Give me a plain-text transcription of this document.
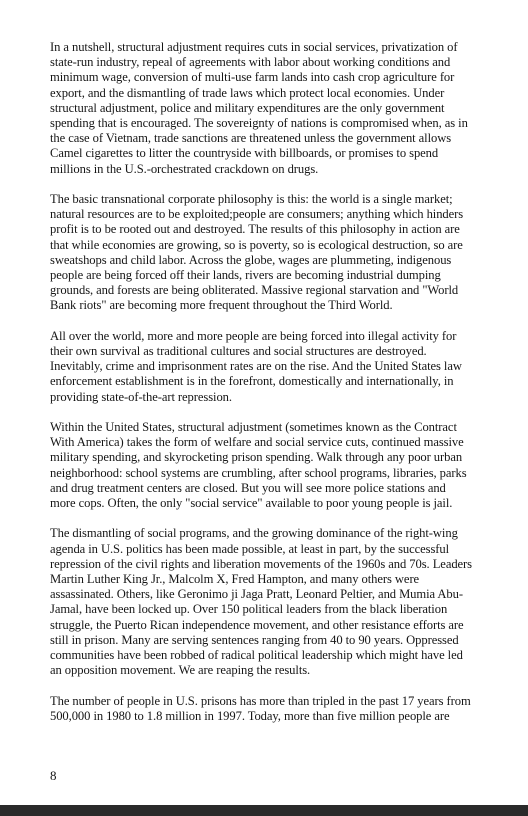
In a nutshell, structural adjustment requires cuts in social services, privatization of
state-run industry, repeal of agreements with labor about working conditions and
minimum wage, conversion of multi-use farm lands into cash crop agriculture for
export, and the dismantling of trade laws which protect local economies. Under
structural adjustment, police and military expenditures are the only government
spending that is encouraged. The sovereignty of nations is compromised when, as in
the case of Vietnam, trade sanctions are threatened unless the government allows
Camel cigarettes to litter the countryside with billboards, or promises to spend
millions in the U.S.-orchestrated crackdown on drugs.

The basic transnational corporate philosophy is this: the world is a single market;
natural resources are to be exploited;people are consumers; anything which hinders
profit is to be rooted out and destroyed. The results of this philosophy in action are
that while economies are growing, so is poverty, so is ecological destruction, so are
sweatshops and child labor. Across the globe, wages are plummeting, indigenous
people are being forced off their lands, rivers are becoming industrial dumping
grounds, and forests are being obliterated. Massive regional starvation and "World
Bank riots" are becoming more frequent throughout the Third World.

All over the world, more and more people are being forced into illegal activity for
their own survival as traditional cultures and social structures are destroyed.
Inevitably, crime and imprisonment rates are on the rise. And the United States law
enforcement establishment is in the forefront, domestically and internationally, in
providing state-of-the-art repression.

Within the United States, structural adjustment (sometimes known as the Contract
With America) takes the form of welfare and social service cuts, continued massive
military spending, and skyrocketing prison spending. Walk through any poor urban
neighborhood: school systems are crumbling, after school programs, libraries, parks
and drug treatment centers are closed. But you will see more police stations and
more cops. Often, the only "social service" available to poor young people is jail.

The dismantling of social programs, and the growing dominance of the right-wing
agenda in U.S. politics has been made possible, at least in part, by the successful
repression of the civil rights and liberation movements of the 1960s and 70s. Leaders
Martin Luther King Jr., Malcolm X, Fred Hampton, and many others were
assassinated. Others, like Geronimo ji Jaga Pratt, Leonard Peltier, and Mumia Abu-
Jamal, have been locked up. Over 150 political leaders from the black liberation
struggle, the Puerto Rican independence movement, and other resistance efforts are
still in prison. Many are serving sentences ranging from 40 to 90 years. Oppressed
communities have been robbed of radical political leadership which might have led
an opposition movement. We are reaping the results.

The number of people in U.S. prisons has more than tripled in the past 17 years from
500,000 in 1980 to 1.8 million in 1997. Today, more than five million people are

8
